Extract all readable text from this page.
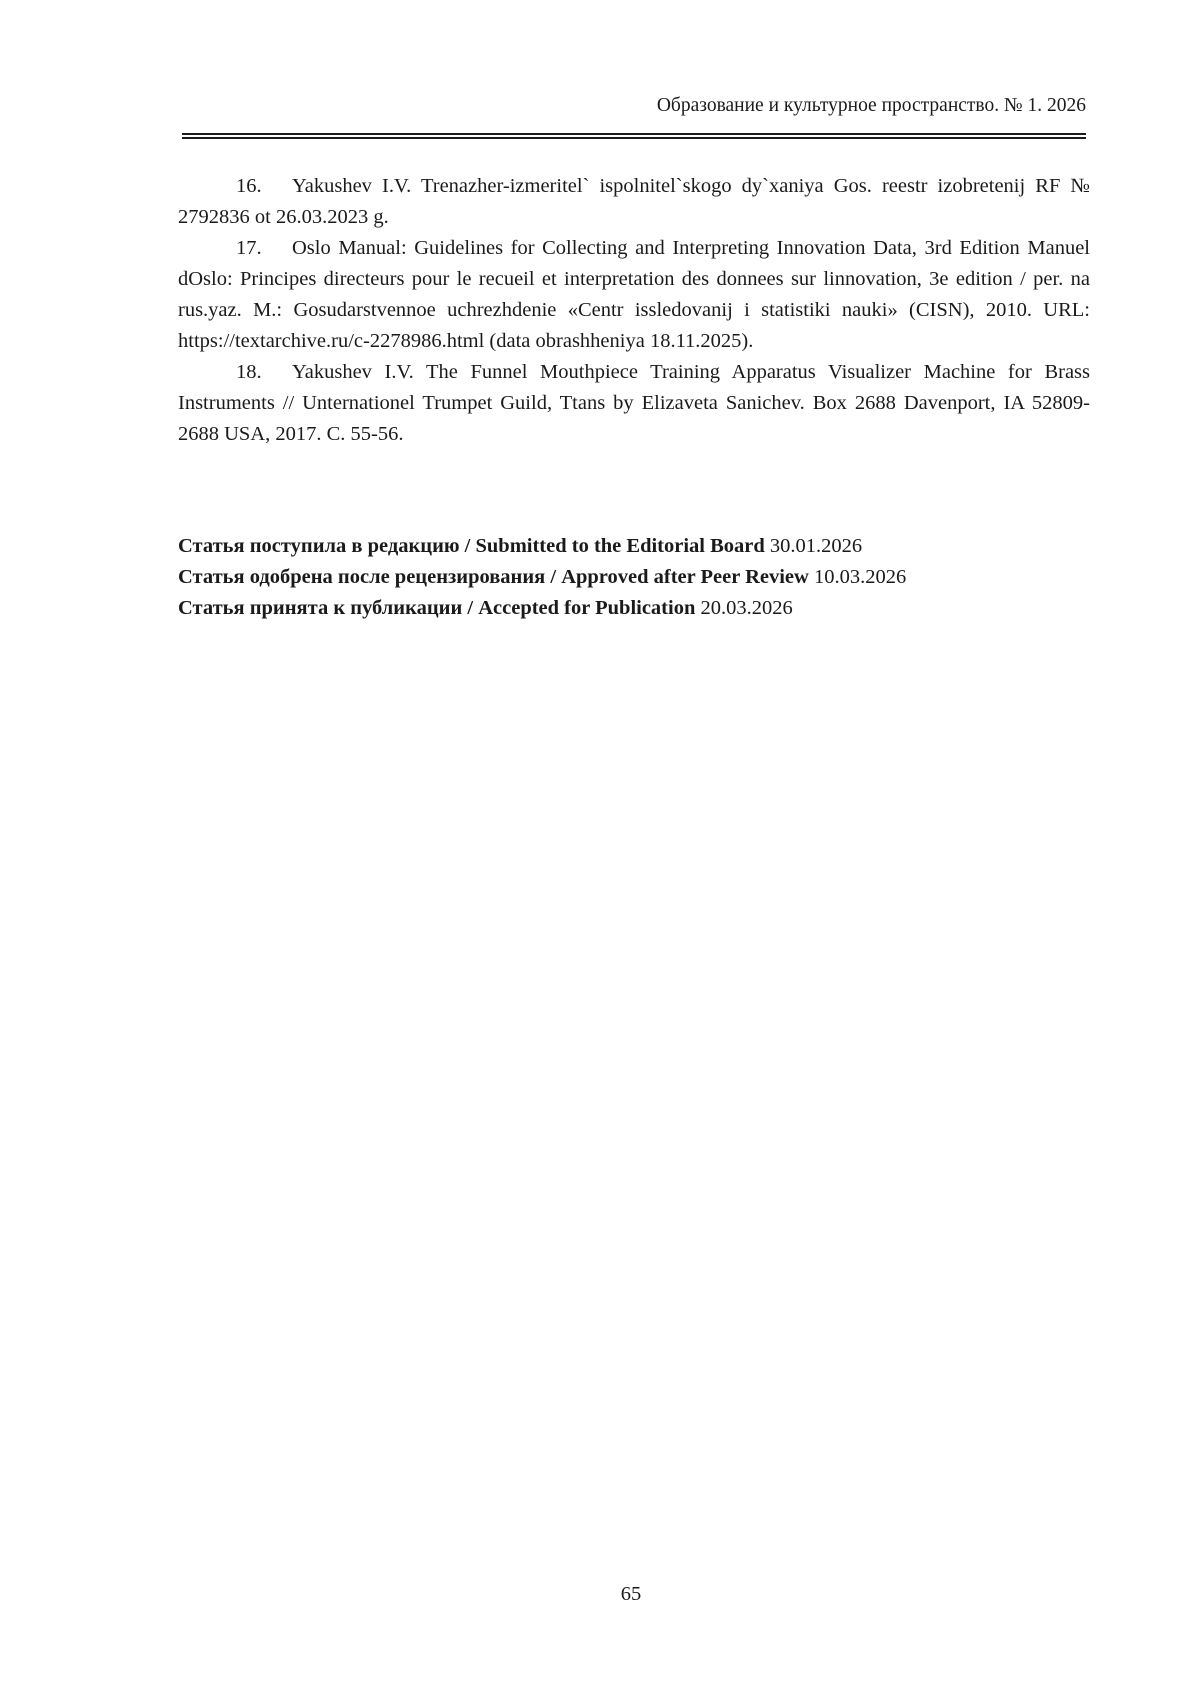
Образование и культурное пространство. № 1. 2026
16. Yakushev I.V. Trenazher-izmeritel` ispolnitel`skogo dy`xaniya Gos. reestr izobretenij RF № 2792836 ot 26.03.2023 g.
17. Oslo Manual: Guidelines for Collecting and Interpreting Innovation Data, 3rd Edition Manuel dOslo: Principes directeurs pour le recueil et interpretation des donnees sur linnovation, 3e edition / per. na rus.yaz. M.: Gosudarstvennoe uchrezhdenie «Centr issledovanij i statistiki nauki» (CISN), 2010. URL: https://textarchive.ru/c-2278986.html (data obrashheniya 18.11.2025).
18. Yakushev I.V. The Funnel Mouthpiece Training Apparatus Visualizer Machine for Brass Instruments // Unternationel Trumpet Guild, Ttans by Elizaveta Sanichev. Box 2688 Davenport, IA 52809-2688 USA, 2017. С. 55-56.

Статья поступила в редакцию / Submitted to the Editorial Board 30.01.2026

Статья одобрена после рецензирования / Approved after Peer Review 10.03.2026

Статья принята к публикации / Accepted for Publication 20.03.2026

65
